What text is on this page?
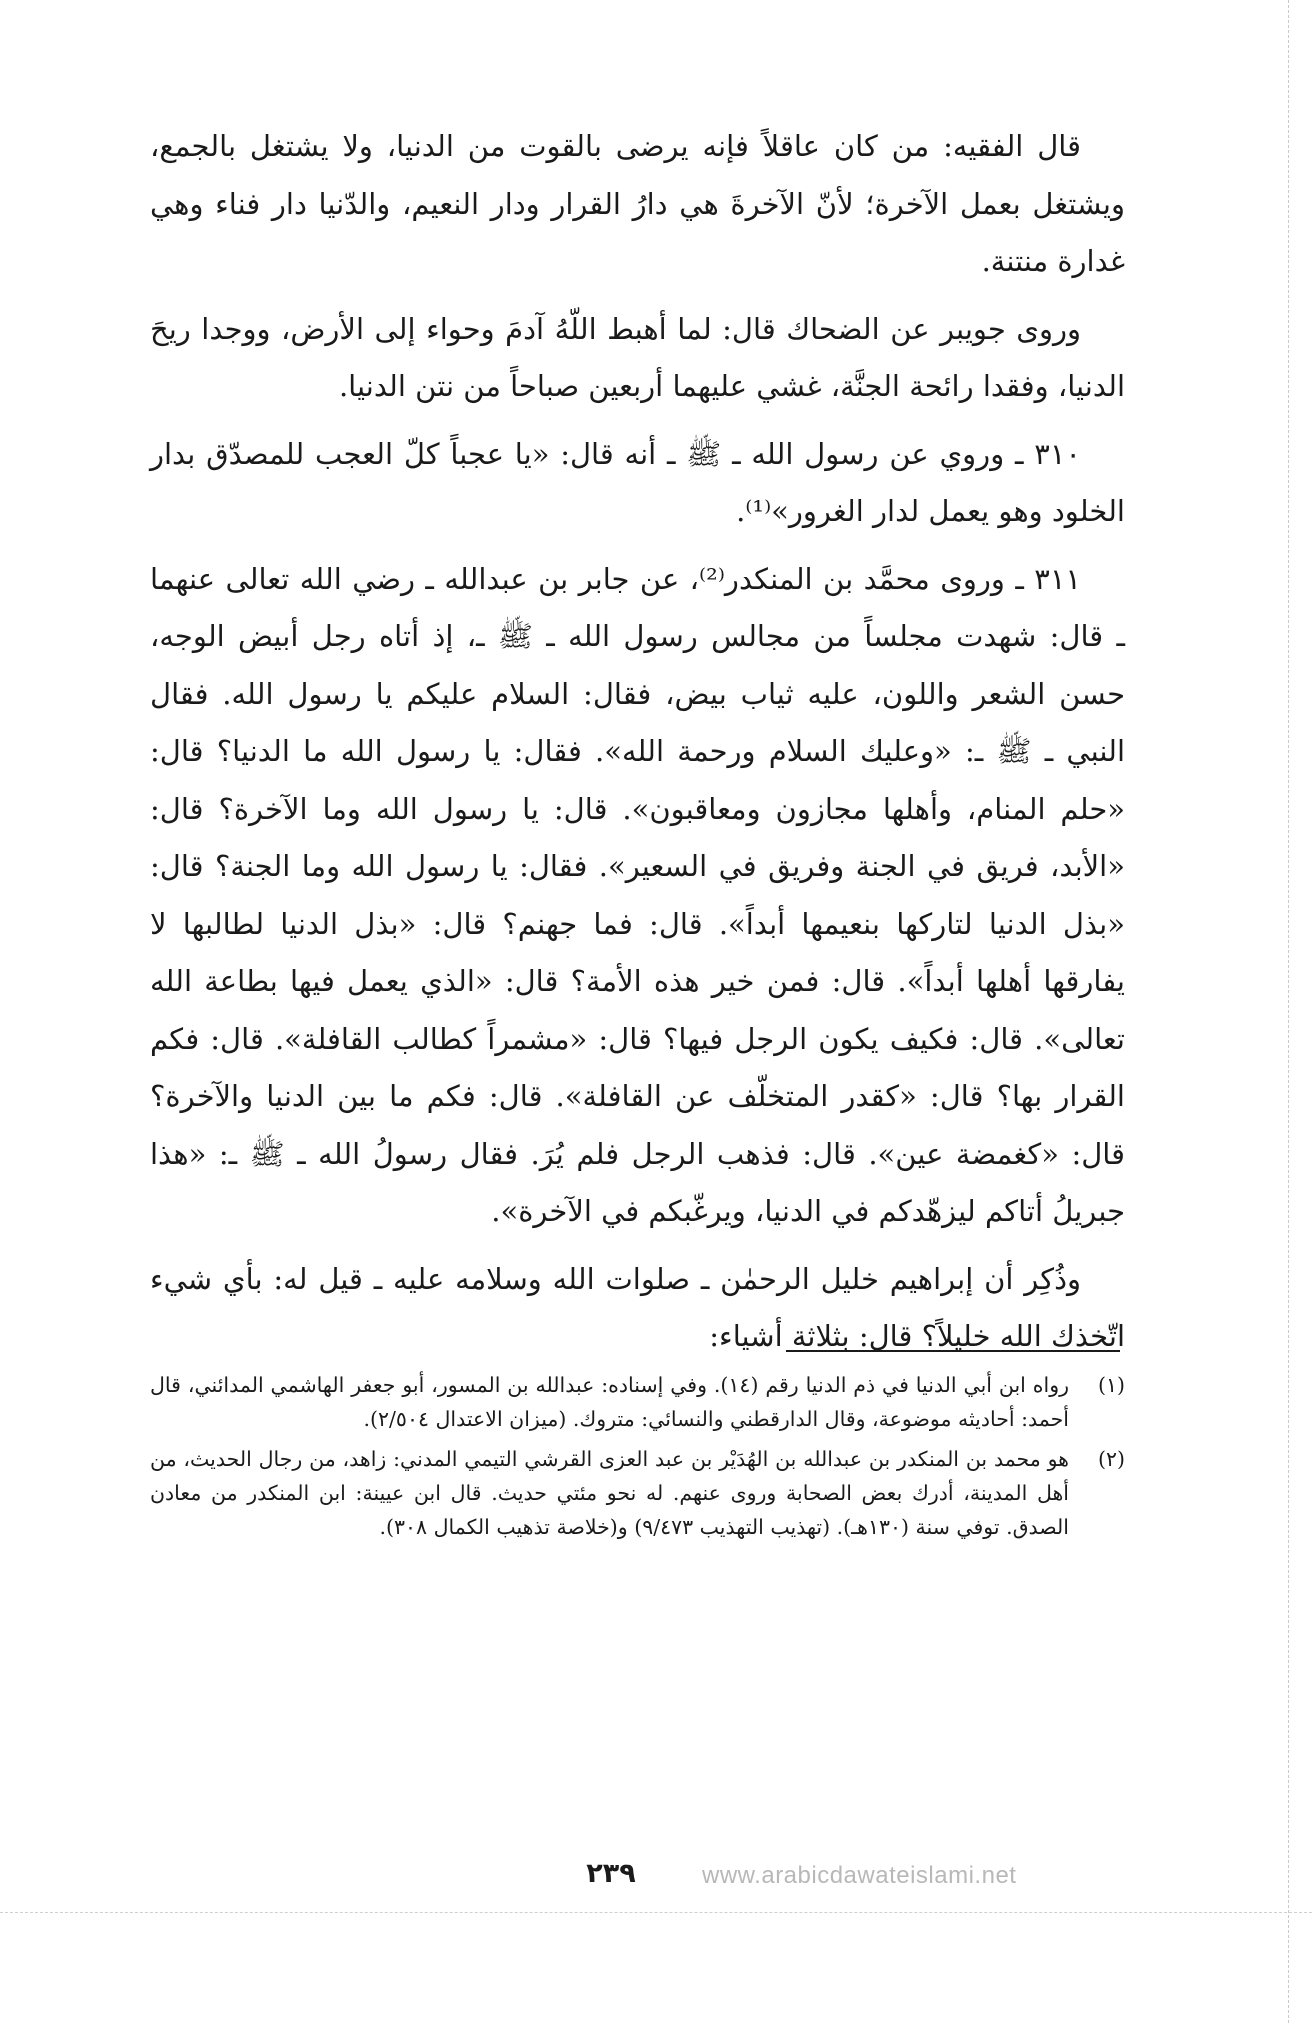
قال الفقيه: من كان عاقلاً فإنه يرضى بالقوت من الدنيا، ولا يشتغل بالجمع، ويشتغل بعمل الآخرة؛ لأنّ الآخرةَ هي دارُ القرار ودار النعيم، والدّنيا دار فناء وهي غدارة منتنة.

وروى جويبر عن الضحاك قال: لما أهبط اللّهُ آدمَ وحواء إلى الأرض، ووجدا ريحَ الدنيا، وفقدا رائحة الجنَّة، غشي عليهما أربعين صباحاً من نتن الدنيا.

٣١٠ ـ وروي عن رسول الله ـ ﷺ ـ أنه قال: «يا عجباً كلّ العجب للمصدّق بدار الخلود وهو يعمل لدار الغرور»⁽¹⁾.

٣١١ ـ وروى محمَّد بن المنكدر⁽²⁾، عن جابر بن عبدالله ـ رضي الله تعالى عنهما ـ قال: شهدت مجلساً من مجالس رسول الله ـ ﷺ ـ، إذ أتاه رجل أبيض الوجه، حسن الشعر واللون، عليه ثياب بيض، فقال: السلام عليكم يا رسول الله. فقال النبي ـ ﷺ ـ: «وعليك السلام ورحمة الله». فقال: يا رسول الله ما الدنيا؟ قال: «حلم المنام، وأهلها مجازون ومعاقبون». قال: يا رسول الله وما الآخرة؟ قال: «الأبد، فريق في الجنة وفريق في السعير». فقال: يا رسول الله وما الجنة؟ قال: «بذل الدنيا لتاركها بنعيمها أبداً». قال: فما جهنم؟ قال: «بذل الدنيا لطالبها لا يفارقها أهلها أبداً». قال: فمن خير هذه الأمة؟ قال: «الذي يعمل فيها بطاعة الله تعالى». قال: فكيف يكون الرجل فيها؟ قال: «مشمراً كطالب القافلة». قال: فكم القرار بها؟ قال: «كقدر المتخلّف عن القافلة». قال: فكم ما بين الدنيا والآخرة؟ قال: «كغمضة عين». قال: فذهب الرجل فلم يُرَ. فقال رسولُ الله ـ ﷺ ـ: «هذا جبريلُ أتاكم ليزهّدكم في الدنيا، ويرغّبكم في الآخرة».

وذُكِر أن إبراهيم خليل الرحمٰن ـ صلوات الله وسلامه عليه ـ قيل له: بأي شيء اتّخذك الله خليلاً؟ قال: بثلاثة أشياء:

(١)
رواه ابن أبي الدنيا في ذم الدنيا رقم (١٤). وفي إسناده: عبدالله بن المسور، أبو جعفر الهاشمي المدائني، قال أحمد: أحاديثه موضوعة، وقال الدارقطني والنسائي: متروك. (ميزان الاعتدال ٢/٥٠٤).
(٢)
هو محمد بن المنكدر بن عبدالله بن الهُدَيْر بن عبد العزى القرشي التيمي المدني: زاهد، من رجال الحديث، من أهل المدينة، أدرك بعض الصحابة وروى عنهم. له نحو مئتي حديث. قال ابن عيينة: ابن المنكدر من معادن الصدق. توفي سنة (١٣٠هـ). (تهذيب التهذيب ٩/٤٧٣) و(خلاصة تذهيب الكمال ٣٠٨).
٢٣٩	www.arabicdawateislami.net
